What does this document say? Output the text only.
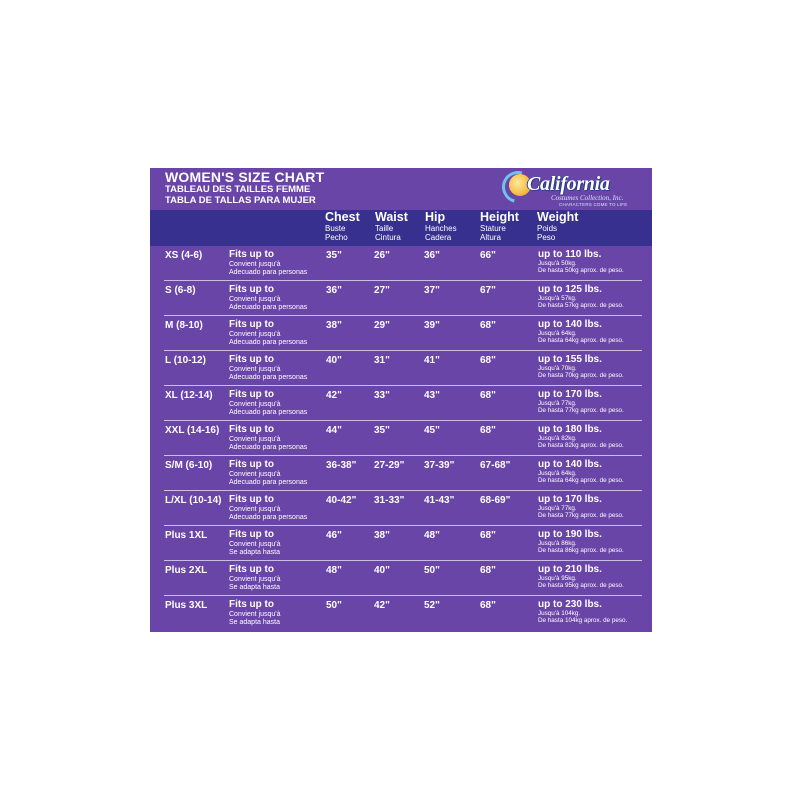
WOMEN'S SIZE CHART
TABLEAU DES TAILLES FEMME
TABLA DE TALLAS PARA MUJER
California
Costumes Collection, Inc.
CHARACTERS COME TO LIFE
Chest
Buste
Pecho
Waist
Taille
Cintura
Hip
Hanches
Cadera
Height
Stature
Altura
Weight
Poids
Peso
XS (4-6)	Fits up to
Convient jusqu'à
Adecuado para personas
35"	26"	36"	66"	up to 110 lbs.
Jusqu'à 50kg.
De hasta 50kg aprox. de peso.
S (6-8)	Fits up to
Convient jusqu'à
Adecuado para personas
36"	27"	37"	67"	up to 125 lbs.
Jusqu'à 57kg.
De hasta 57kg aprox. de peso.
M (8-10)	Fits up to
Convient jusqu'à
Adecuado para personas
38"	29"	39"	68"	up to 140 lbs.
Jusqu'à 64kg.
De hasta 64kg aprox. de peso.
L (10-12) Fits up to
Convient jusqu'à
Adecuado para personas
40"	31"	41"	68"	up to 155 lbs.
Jusqu'à 70kg.
De hasta 70kg aprox. de peso.
XL (12-14) Fits up to
Convient jusqu'à
Adecuado para personas
42"	33"	43"	68"	up to 170 lbs.
Jusqu'à 77kg.
De hasta 77kg aprox. de peso.
XXL (14-16) Fits up to
Convient jusqu'à
Adecuado para personas
44"	35"	45"	68"	up to 180 lbs.
Jusqu'à 82kg.
De hasta 82kg aprox. de peso.
S/M (6-10) Fits up to
Convient jusqu'à
Adecuado para personas
36-38" 27-29" 37-39"	67-68"	up to 140 lbs.
Jusqu'à 64kg.
De hasta 64kg aprox. de peso.
L/XL (10-14) Fits up to
Convient jusqu'à
Adecuado para personas
40-42" 31-33" 41-43"	68-69"	up to 170 lbs.
Jusqu'à 77kg.
De hasta 77kg aprox. de peso.
Plus 1XL Fits up to
Convient jusqu'à
Se adapta hasta
46"	38"	48"	68"	up to 190 lbs.
Jusqu'à 86kg.
De hasta 86kg aprox. de peso.
Plus 2XL Fits up to
Convient jusqu'à
Se adapta hasta
48"	40"	50"	68"	up to 210 lbs.
Jusqu'à 95kg.
De hasta 95kg aprox. de peso.
Plus 3XL Fits up to
Convient jusqu'à
Se adapta hasta
50"	42"	52"	68"	up to 230 lbs.
Jusqu'à 104kg.
De hasta 104kg aprox. de peso.
